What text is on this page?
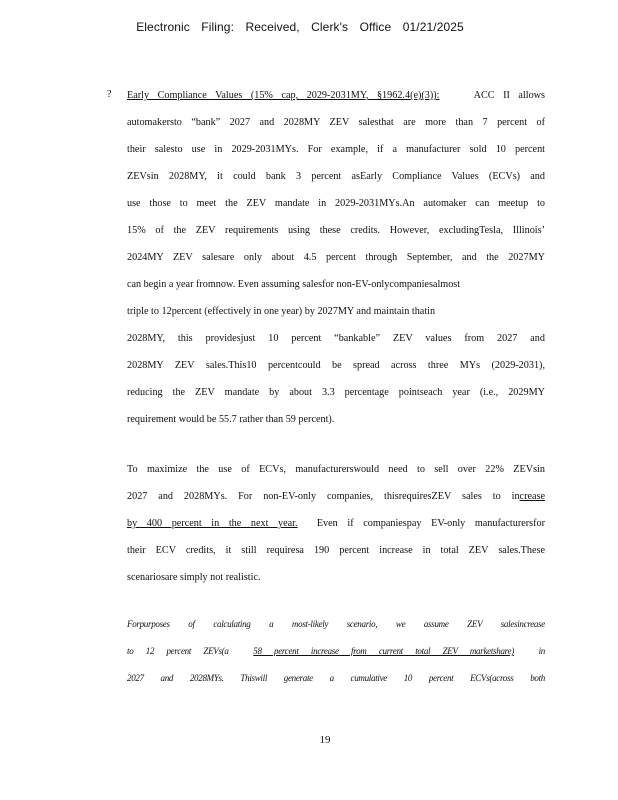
Electronic Filing: Received, Clerk's Office 01/21/2025
? Early Compliance Values (15% cap, 2029-2031MY, §1962.4(e)(3)):	ACC II allows
automakersto “bank” 2027 and 2028MY ZEV salesthat are more than 7 percent of
their salesto use in 2029-2031MYs. For example, if a manufacturer sold 10 percent
ZEVsin 2028MY, it could bank 3 percent asEarly Compliance Values (ECVs) and
use those to meet the ZEV mandate in 2029-2031MYs.An automaker can meetup to
15% of the ZEV requirements using these credits. However, excludingTesla, Illinois’
2024MY ZEV salesare only about 4.5 percent through September, and the 2027MY
can begin a year fromnow. Even assuming salesfor non-EV-onlycompaniesalmost
triple to 12percent (effectively in one year) by 2027MY and maintain thatin
2028MY, this providesjust 10 percent “bankable” ZEV values from 2027 and
2028MY ZEV sales.This10 percentcould be spread across three MYs (2029-2031),
reducing the ZEV mandate by about 3.3 percentage pointseach year (i.e., 2029MY
requirement would be 55.7 rather than 59 percent).
To maximize the use of ECVs, manufacturerswould need to sell over 22% ZEVsin
2027 and 2028MYs. For non-EV-only companies, thisrequiresZEV sales to increase
by 400 percent in the next year. Even if companiespay EV-only manufacturersfor
their ECV credits, it still requiresa 190 percent increase in total ZEV sales.These
scenariosare simply not realistic.
Forpurposes of calculating a most-likely scenario, we assume ZEV salesincrease
to 12 percent ZEVs(a	58 percent increase from current total ZEV marketshare)	in
2027 and 2028MYs. Thiswill generate a cumulative 10 percent ECVs(across both
19
